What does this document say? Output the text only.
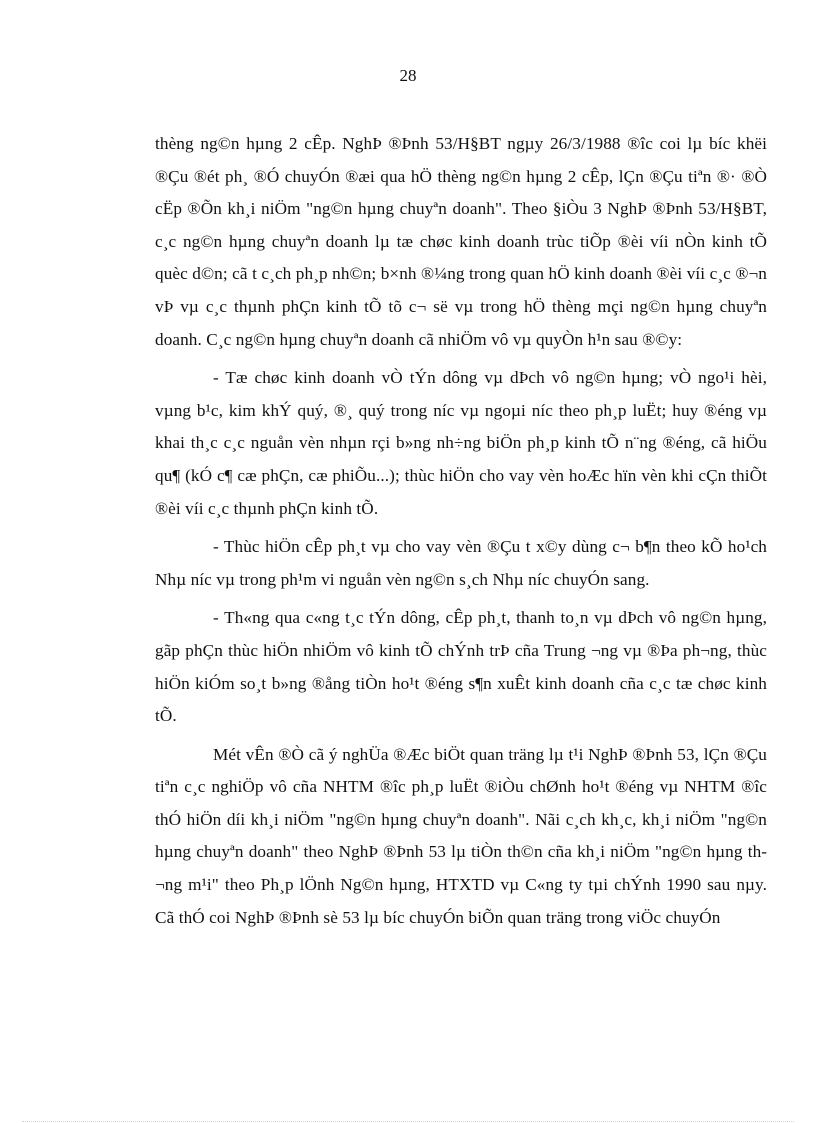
28

thèng ng©n hµng 2 cÊp. NghÞ ®Þnh 53/H§BT ngµy 26/3/1988 ®îc coi lµ bíc khëi ®Çu ®ét ph¸ ®Ó chuyÓn ®æi qua hÖ thèng ng©n hµng 2 cÊp, lÇn ®Çu tiªn ®· ®Ò cËp ®Õn kh¸i niÖm "ng©n hµng chuyªn doanh". Theo §iÒu 3 NghÞ ®Þnh 53/H§BT, c¸c ng©n hµng chuyªn doanh lµ tæ chøc kinh doanh trùc tiÕp ®èi víi nÒn kinh tÕ quèc d©n; cã t c¸ch ph¸p nh©n; b×nh ®¼ng trong quan hÖ kinh doanh ®èi víi c¸c ®¬n vÞ vµ c¸c thµnh phÇn kinh tÕ tõ c¬ së vµ trong hÖ thèng mçi ng©n hµng chuyªn doanh. C¸c ng©n hµng chuyªn doanh cã nhiÖm vô vµ quyÒn h¹n sau ®©y:

- Tæ chøc kinh doanh vÒ tÝn dông vµ dÞch vô ng©n hµng; vÒ ngo¹i hèi, vµng b¹c, kim khÝ quý, ®¸ quý trong níc vµ ngoµi níc theo ph¸p luËt; huy ®éng vµ khai th¸c c¸c nguån vèn nhµn rçi b»ng nh÷ng biÖn ph¸p kinh tÕ n¨ng ®éng, cã hiÖu qu¶ (kÓ c¶ cæ phÇn, cæ phiÕu...); thùc hiÖn cho vay vèn hoÆc hïn vèn khi cÇn thiÕt ®èi víi c¸c thµnh phÇn kinh tÕ.

- Thùc hiÖn cÊp ph¸t vµ cho vay vèn ®Çu t x©y dùng c¬ b¶n theo kÕ ho¹ch Nhµ níc vµ trong ph¹m vi nguån vèn ng©n s¸ch Nhµ níc chuyÓn sang.

- Th«ng qua c«ng t¸c tÝn dông, cÊp ph¸t, thanh to¸n vµ dÞch vô ng©n hµng, gãp phÇn thùc hiÖn nhiÖm vô kinh tÕ chÝnh trÞ cña Trung ¬ng vµ ®Þa ph¬ng, thùc hiÖn kiÓm so¸t b»ng ®ång tiÒn ho¹t ®éng s¶n xuÊt kinh doanh cña c¸c tæ chøc kinh tÕ.

Mét vÊn ®Ò cã ý nghÜa ®Æc biÖt quan träng lµ t¹i NghÞ ®Þnh 53, lÇn ®Çu tiªn c¸c nghiÖp vô cña NHTM ®îc ph¸p luËt ®iÒu chØnh ho¹t ®éng vµ NHTM ®îc thÓ hiÖn díi kh¸i niÖm "ng©n hµng chuyªn doanh". Nãi c¸ch kh¸c, kh¸i niÖm "ng©n hµng chuyªn doanh" theo NghÞ ®Þnh 53 lµ tiÒn th©n cña kh¸i niÖm "ng©n hµng th¬ng m¹i" theo Ph¸p lÖnh Ng©n hµng, HTXTD vµ C«ng ty tµi chÝnh 1990 sau nµy. Cã thÓ coi NghÞ ®Þnh sè 53 lµ bíc chuyÓn biÕn quan träng trong viÖc chuyÓn
